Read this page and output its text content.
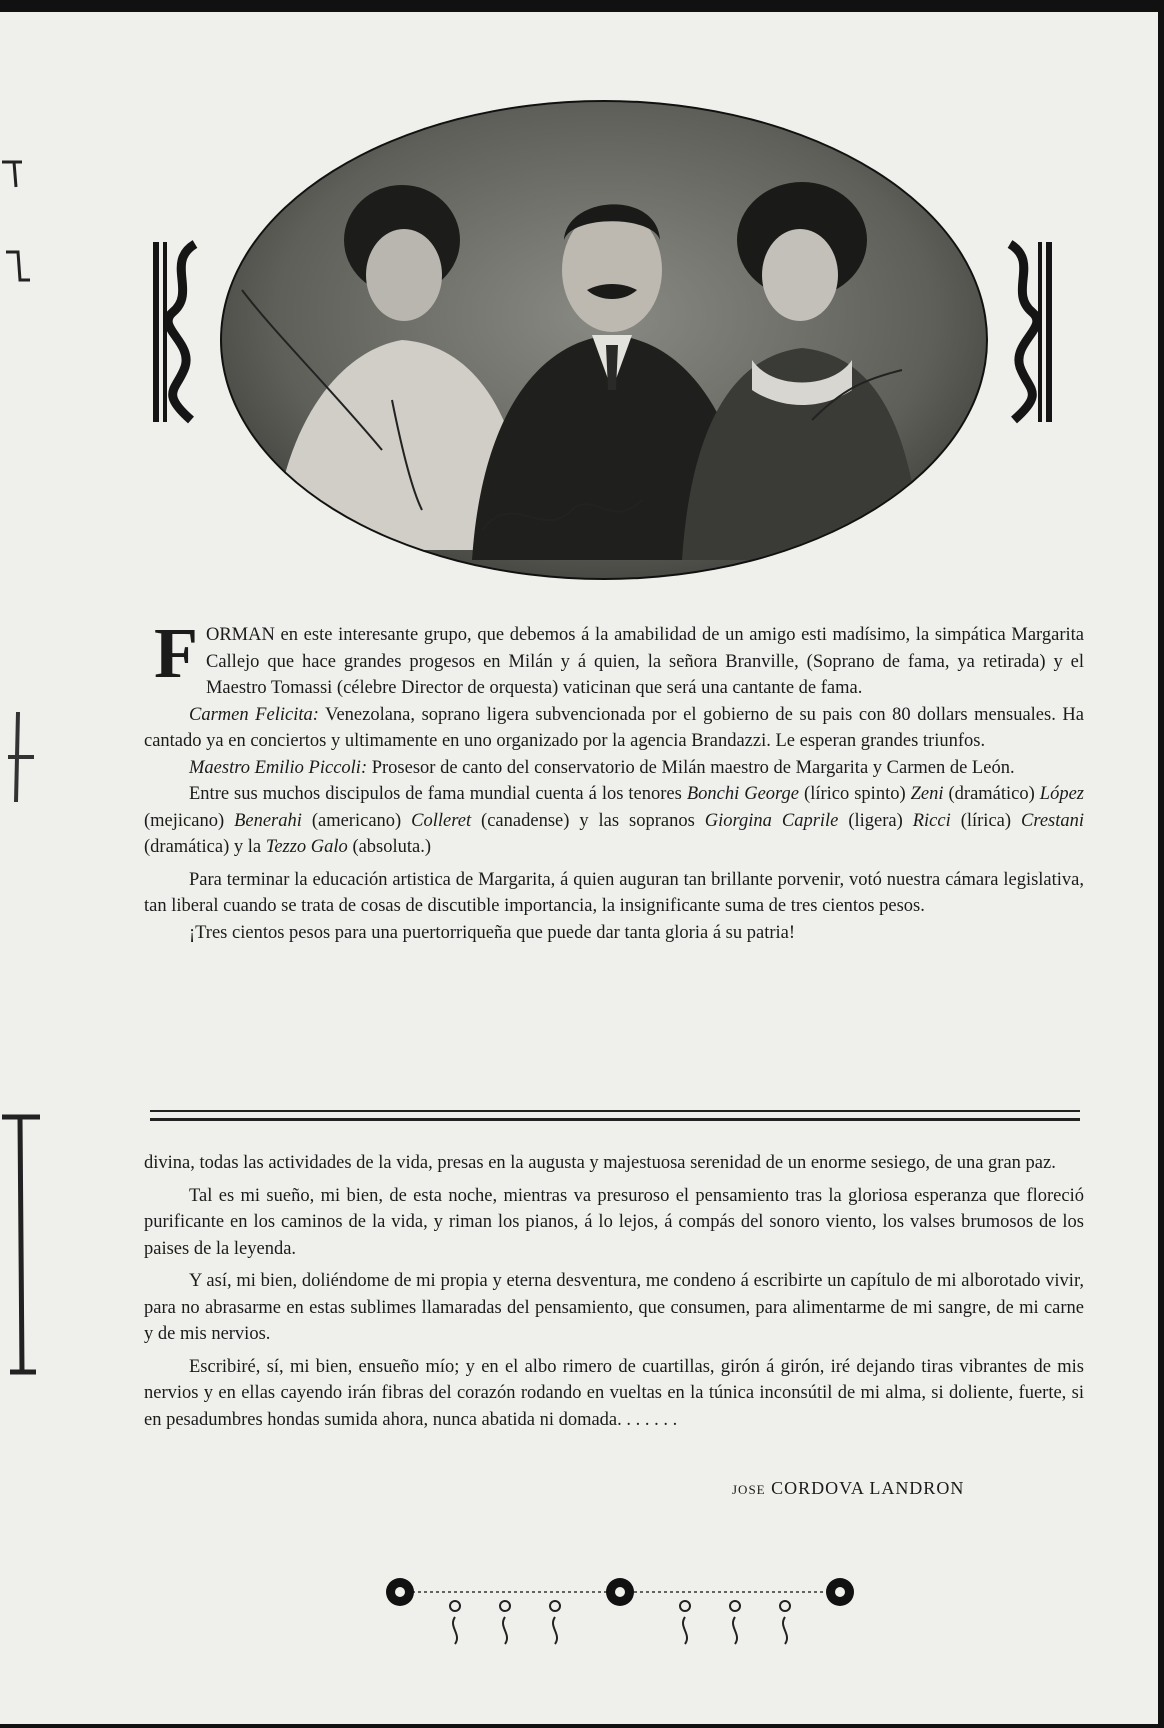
FORMAN en este interesante grupo, que debemos á la amabilidad de un amigo esti madísimo, la simpática Margarita Callejo que hace grandes progesos en Milán y á quien, la señora Branville, (Soprano de fama, ya retirada) y el Maestro Tomassi (célebre Director de orquesta) vaticinan que será una cantante de fama.

Carmen Felicita: Venezolana, soprano ligera subvencionada por el gobierno de su pais con 80 dollars mensuales. Ha cantado ya en conciertos y ultimamente en uno organizado por la agencia Brandazzi. Le esperan grandes triunfos.

Maestro Emilio Piccoli: Prosesor de canto del conservatorio de Milán maestro de Margarita y Carmen de León.

Entre sus muchos discipulos de fama mundial cuenta á los tenores Bonchi George (lírico spinto) Zeni (dramático) López (mejicano) Benerahi (americano) Colleret (canadense) y las sopranos Giorgina Caprile (ligera) Ricci (lírica) Crestani (dramática) y la Tezzo Galo (absoluta.)

Para terminar la educación artistica de Margarita, á quien auguran tan brillante porvenir, votó nuestra cámara legislativa, tan liberal cuando se trata de cosas de discutible importancia, la insignificante suma de tres cientos pesos.

¡Tres cientos pesos para una puertorriqueña que puede dar tanta gloria á su patria!

divina, todas las actividades de la vida, presas en la augusta y majestuosa serenidad de un enorme sesiego, de una gran paz.

Tal es mi sueño, mi bien, de esta noche, mientras va presuroso el pensamiento tras la gloriosa esperanza que floreció purificante en los caminos de la vida, y riman los pianos, á lo lejos, á compás del sonoro viento, los valses brumosos de los paises de la leyenda.

Y así, mi bien, doliéndome de mi propia y eterna desventura, me condeno á escribirte un capítulo de mi alborotado vivir, para no abrasarme en estas sublimes llamaradas del pensamiento, que consumen, para alimentarme de mi sangre, de mi carne y de mis nervios.

Escribiré, sí, mi bien, ensueño mío; y en el albo rimero de cuartillas, girón á girón, iré dejando tiras vibrantes de mis nervios y en ellas cayendo irán fibras del corazón rodando en vueltas en la túnica inconsútil de mi alma, si doliente, fuerte, si en pesadumbres hondas sumida ahora, nunca abatida ni domada. . . . . . .

JOSE CORDOVA LANDRON
